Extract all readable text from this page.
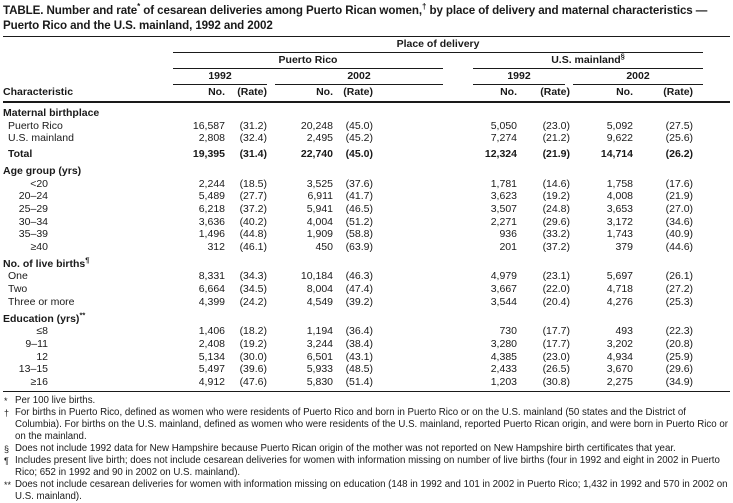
TABLE. Number and rate* of cesarean deliveries among Puerto Rican women,† by place of delivery and maternal characteristics —
Puerto Rico and the U.S. mainland, 1992 and 2002
	Place of delivery									
	Puerto Rico					U.S. mainland§	

	1992		2002			1992		2002		

Characteristic	No.	(Rate)	No.	(Rate)		No.	(Rate)	No.	(Rate)	
Maternal birthplace										
Puerto Rico	16,587	(31.2)	20,248	(45.0)		5,050	(23.0)	5,092	(27.5)	
U.S. mainland	2,808	(32.4)	2,495	(45.2)		7,274	(21.2)	9,622	(25.6)	
Total	19,395	(31.4)	22,740	(45.0)		12,324	(21.9)	14,714	(26.2)	
Age group (yrs)										
<20	2,244	(18.5)	3,525	(37.6)		1,781	(14.6)	1,758	(17.6)	
20–24	5,489	(27.7)	6,911	(41.7)		3,623	(19.2)	4,008	(21.9)	
25–29	6,218	(37.2)	5,941	(46.5)		3,507	(24.8)	3,653	(27.0)	
30–34	3,636	(40.2)	4,004	(51.2)		2,271	(29.6)	3,172	(34.6)	
35–39	1,496	(44.8)	1,909	(58.8)		936	(33.2)	1,743	(40.9)	
≥40	312	(46.1)	450	(63.9)		201	(37.2)	379	(44.6)	
No. of live births¶
One	8,331	(34.3)	10,184	(46.3)		4,979	(23.1)	5,697	(26.1)	
Two	6,664	(34.5)	8,004	(47.4)		3,667	(22.0)	4,718	(27.2)	
Three or more	4,399	(24.2)	4,549	(39.2)		3,544	(20.4)	4,276	(25.3)	
Education (yrs)**
≤8	1,406	(18.2)	1,194	(36.4)		730	(17.7)	493	(22.3)	
9–11	2,408	(19.2)	3,244	(38.4)		3,280	(17.7)	3,202	(20.8)	
12	5,134	(30.0)	6,501	(43.1)		4,385	(23.0)	4,934	(25.9)	
13–15	5,497	(39.6)	5,933	(48.5)		2,433	(26.5)	3,670	(29.6)	
≥16	4,912	(47.6)	5,830	(51.4)		1,203	(30.8)	2,275	(34.9)	
* Per 100 live births.
† For births in Puerto Rico, defined as women who were residents of Puerto Rico and born in Puerto Rico or on the U.S. mainland (50 states and the District of Columbia). For births on the U.S. mainland, defined as women who were residents of the U.S. mainland, reported Puerto Rican origin, and were born in Puerto Rico or on the mainland.
§ Does not include 1992 data for New Hampshire because Puerto Rican origin of the mother was not reported on New Hampshire birth certificates that year.
¶ Includes present live birth; does not include cesarean deliveries for women with information missing on number of live births (four in 1992 and eight in 2002 in Puerto Rico; 652 in 1992 and 90 in 2002 on U.S. mainland).
** Does not include cesarean deliveries for women with information missing on education (148 in 1992 and 101 in 2002 in Puerto Rico; 1,432 in 1992 and 570 in 2002 on U.S. mainland).
